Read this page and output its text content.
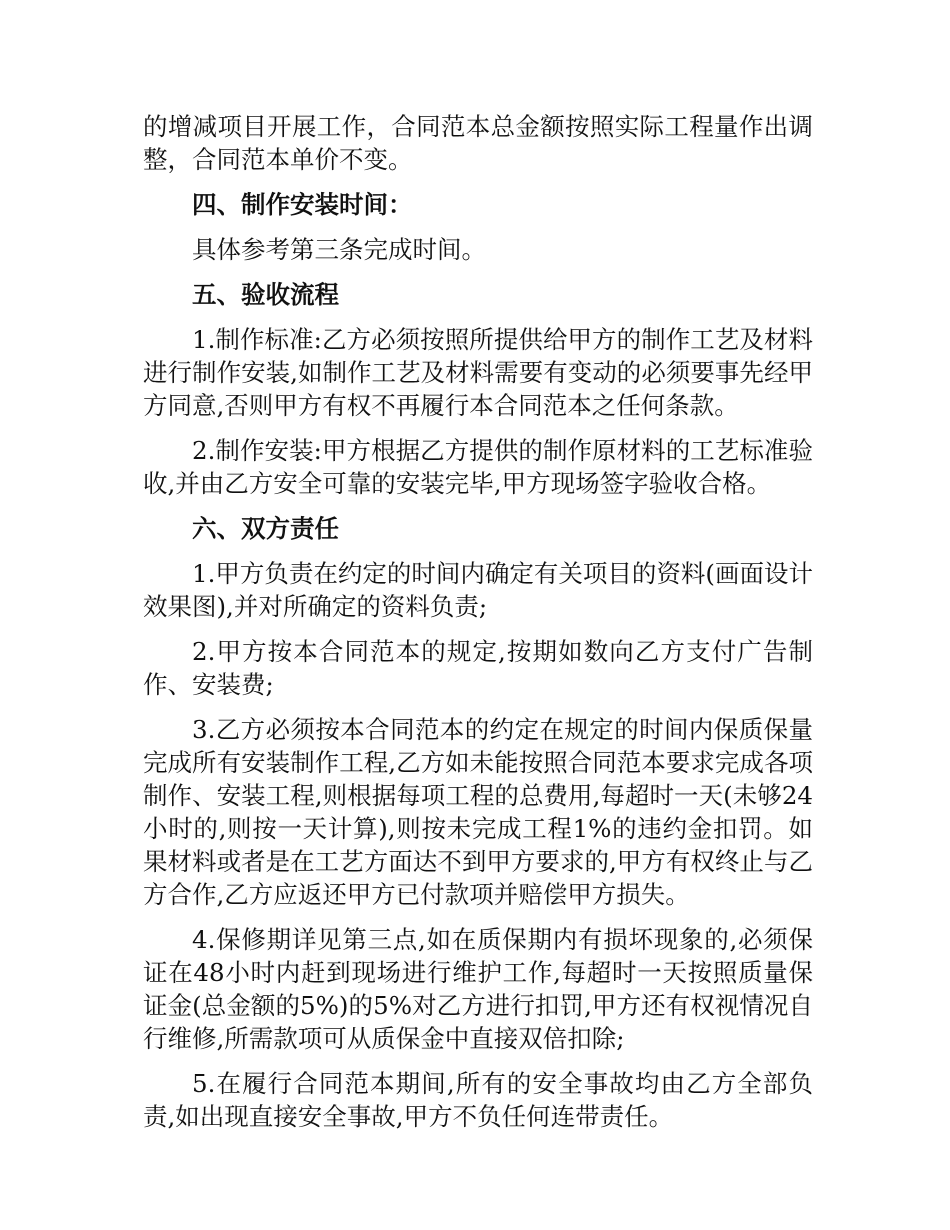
的增减项目开展工作，合同范本总金额按照实际工程量作出调整，合同范本单价不变。

四、制作安装时间：

具体参考第三条完成时间。

五、验收流程

1.制作标准:乙方必须按照所提供给甲方的制作工艺及材料进行制作安装,如制作工艺及材料需要有变动的必须要事先经甲方同意,否则甲方有权不再履行本合同范本之任何条款。

2.制作安装:甲方根据乙方提供的制作原材料的工艺标准验收,并由乙方安全可靠的安装完毕,甲方现场签字验收合格。

六、双方责任

1.甲方负责在约定的时间内确定有关项目的资料(画面设计效果图),并对所确定的资料负责;

2.甲方按本合同范本的规定,按期如数向乙方支付广告制作、安装费;

3.乙方必须按本合同范本的约定在规定的时间内保质保量完成所有安装制作工程,乙方如未能按照合同范本要求完成各项制作、安装工程,则根据每项工程的总费用,每超时一天(未够24小时的,则按一天计算),则按未完成工程1%的违约金扣罚。如果材料或者是在工艺方面达不到甲方要求的,甲方有权终止与乙方合作,乙方应返还甲方已付款项并赔偿甲方损失。

4.保修期详见第三点,如在质保期内有损坏现象的,必须保证在48小时内赶到现场进行维护工作,每超时一天按照质量保证金(总金额的5%)的5%对乙方进行扣罚,甲方还有权视情况自行维修,所需款项可从质保金中直接双倍扣除;

5.在履行合同范本期间,所有的安全事故均由乙方全部负责,如出现直接安全事故,甲方不负任何连带责任。
